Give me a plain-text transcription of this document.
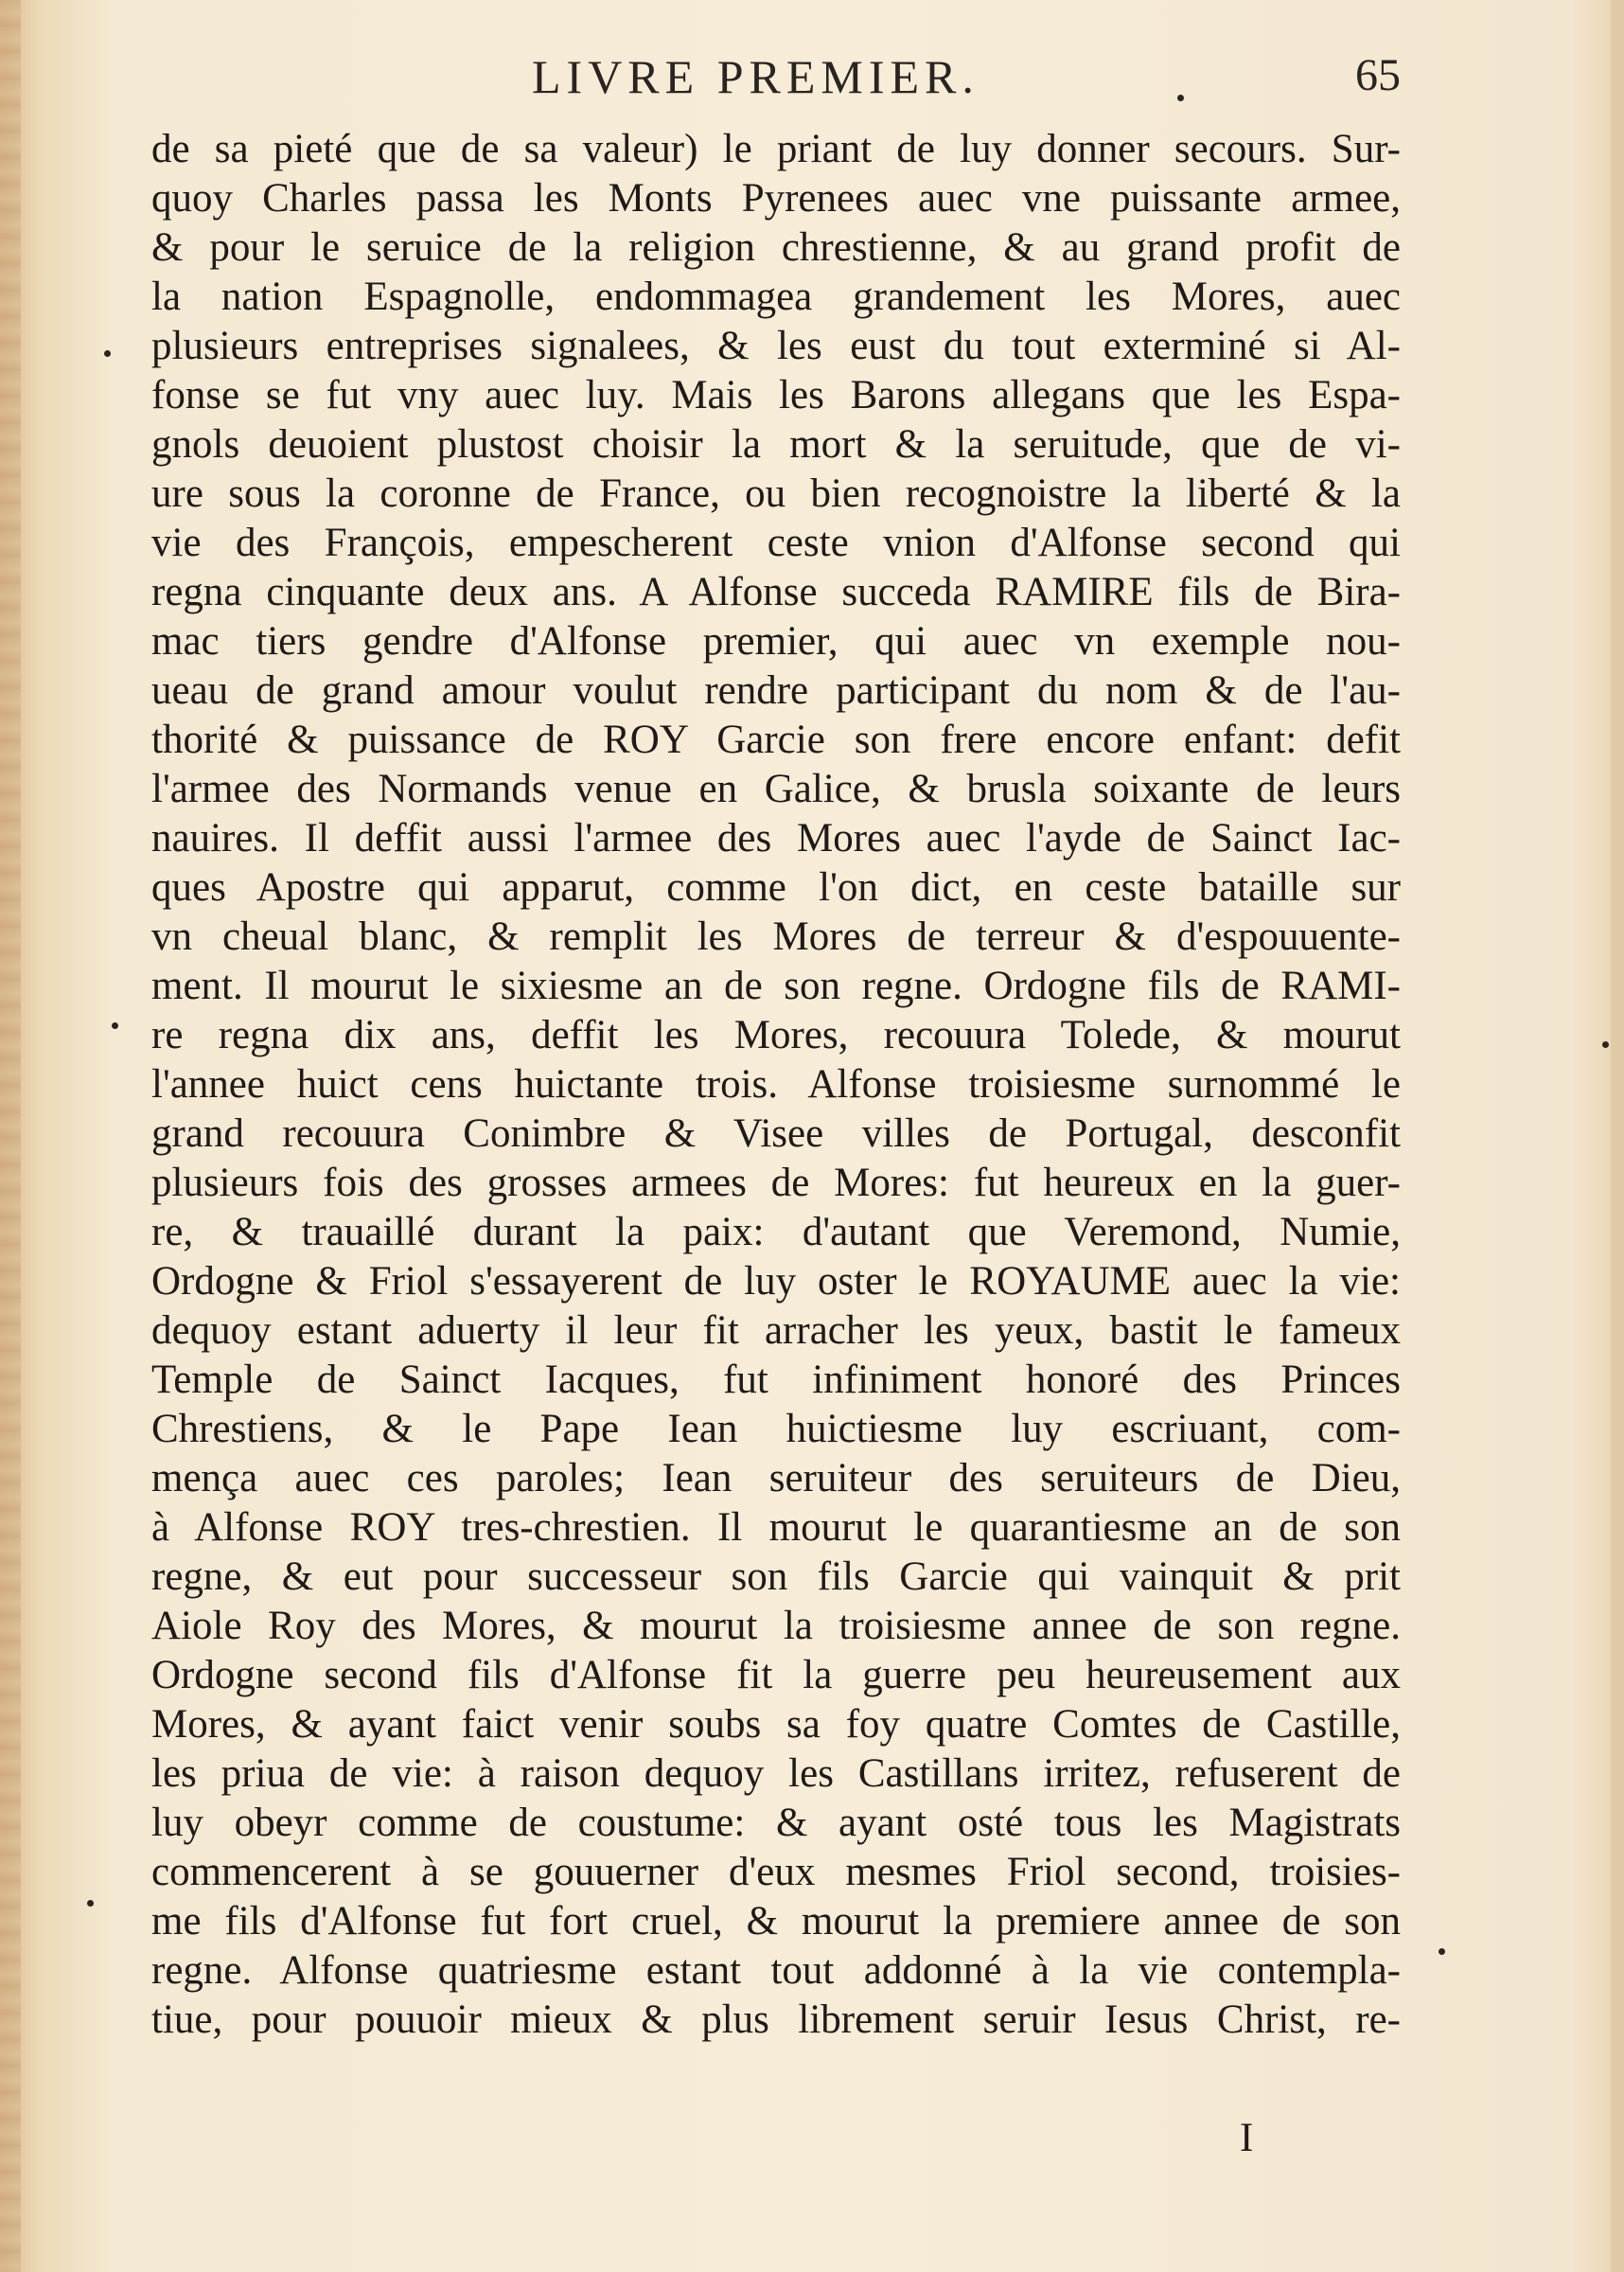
LIVRE PREMIER.	65
de sa pieté que de sa valeur) le priant de luy donner secours. Sur-
quoy Charles passa les Monts Pyrenees auec vne puissante armee,
& pour le seruice de la religion chrestienne, & au grand profit de
la nation Espagnolle, endommagea grandement les Mores, auec
plusieurs entreprises signalees, & les eust du tout exterminé si Al-
fonse se fut vny auec luy. Mais les Barons allegans que les Espa-
gnols deuoient plustost choisir la mort & la seruitude, que de vi-
ure sous la coronne de France, ou bien recognoistre la liberté & la
vie des François, empescherent ceste vnion d'Alfonse second qui
regna cinquante deux ans. A Alfonse succeda RAMIRE fils de Bira-
mac tiers gendre d'Alfonse premier, qui auec vn exemple nou-
ueau de grand amour voulut rendre participant du nom & de l'au-
thorité & puissance de ROY Garcie son frere encore enfant: defit
l'armee des Normands venue en Galice, & brusla soixante de leurs
nauires. Il deffit aussi l'armee des Mores auec l'ayde de Sainct Iac-
ques Apostre qui apparut, comme l'on dict, en ceste bataille sur
vn cheual blanc, & remplit les Mores de terreur & d'espouuente-
ment. Il mourut le sixiesme an de son regne. Ordogne fils de RAMI-
re regna dix ans, deffit les Mores, recouura Tolede, & mourut
l'annee huict cens huictante trois. Alfonse troisiesme surnommé le
grand recouura Conimbre & Visee villes de Portugal, desconfit
plusieurs fois des grosses armees de Mores: fut heureux en la guer-
re, & trauaillé durant la paix: d'autant que Veremond, Numie,
Ordogne & Friol s'essayerent de luy oster le ROYAUME auec la vie:
dequoy estant aduerty il leur fit arracher les yeux, bastit le fameux
Temple de Sainct Iacques, fut infiniment honoré des Princes
Chrestiens, & le Pape Iean huictiesme luy escriuant, com-
mença auec ces paroles; Iean seruiteur des seruiteurs de Dieu,
à Alfonse ROY tres-chrestien. Il mourut le quarantiesme an de son
regne, & eut pour successeur son fils Garcie qui vainquit & prit
Aiole Roy des Mores, & mourut la troisiesme annee de son regne.
Ordogne second fils d'Alfonse fit la guerre peu heureusement aux
Mores, & ayant faict venir soubs sa foy quatre Comtes de Castille,
les priua de vie: à raison dequoy les Castillans irritez, refuserent de
luy obeyr comme de coustume: & ayant osté tous les Magistrats
commencerent à se gouuerner d'eux mesmes Friol second, troisies-
me fils d'Alfonse fut fort cruel, & mourut la premiere annee de son
regne. Alfonse quatriesme estant tout addonné à la vie contempla-
tiue, pour pouuoir mieux & plus librement seruir Iesus Christ, re-
I
